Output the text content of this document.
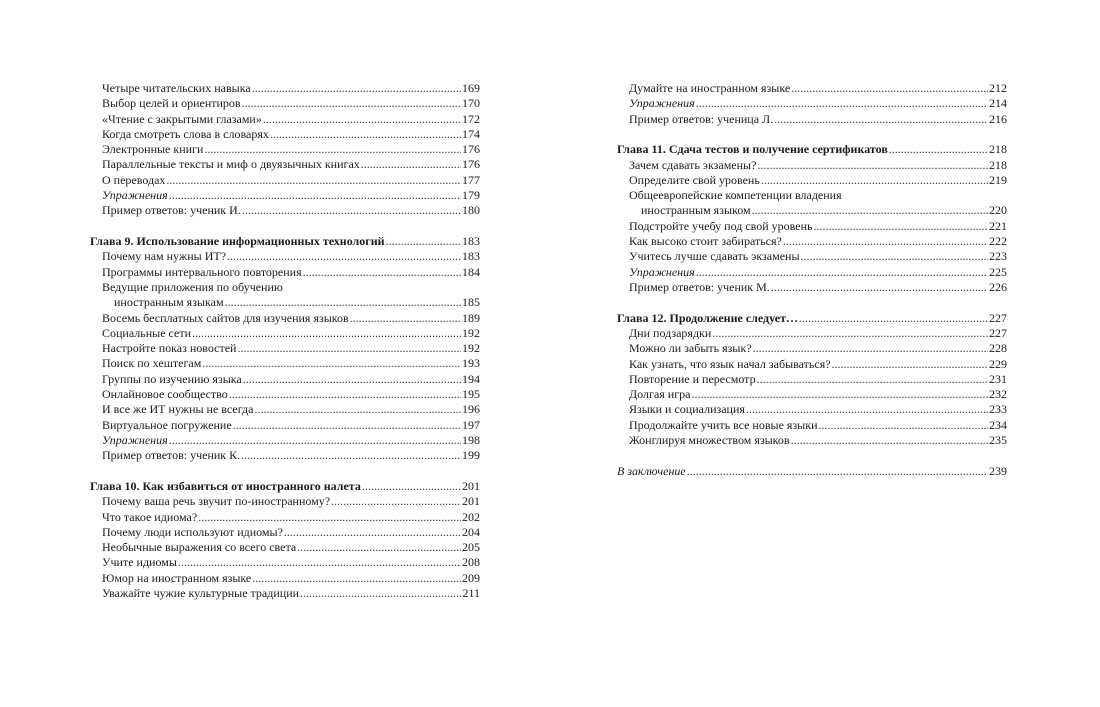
Четыре читательских навыка .....	169
Выбор целей и ориентиров .....	170
«Чтение с закрытыми глазами» .....	172
Когда смотреть слова в словарях .....	174
Электронные книги .....	176
Параллельные тексты и миф о двуязычных книгах .....	176
О переводах .....	177
Упражнения .....	179
Пример ответов: ученик И. .....	180
Глава 9. Использование информационных технологий .....	183
Почему нам нужны ИТ? .....	183
Программы интервального повторения .....	184
Ведущие приложения по обучению
иностранным языкам .....	185
Восемь бесплатных сайтов для изучения языков .....	189
Социальные сети .....	192
Настройте показ новостей .....	192
Поиск по хештегам .....	193
Группы по изучению языка .....	194
Онлайновое сообщество .....	195
И все же ИТ нужны не всегда .....	196
Виртуальное погружение .....	197
Упражнения .....	198
Пример ответов: ученик К. .....	199
Глава 10. Как избавиться от иностранного налета .....	201
Почему ваша речь звучит по-иностранному? .....	201
Что такое идиома? .....	202
Почему люди используют идиомы? .....	204
Необычные выражения со всего света .....	205
Учите идиомы .....	208
Юмор на иностранном языке .....	209
Уважайте чужие культурные традиции .....	211
Думайте на иностранном языке .....	212
Упражнения .....	214
Пример ответов: ученица Л. .....	216
Глава 11. Сдача тестов и получение сертификатов .....	218
Зачем сдавать экзамены? .....	218
Определите свой уровень .....	219
Общеевропейские компетенции владения
иностранным языком .....	220
Подстройте учебу под свой уровень .....	221
Как высоко стоит забираться? .....	222
Учитесь лучше сдавать экзамены .....	223
Упражнения .....	225
Пример ответов: ученик М. .....	226
Глава 12. Продолжение следует… .....	227
Дни подзарядки .....	227
Можно ли забыть язык? .....	228
Как узнать, что язык начал забываться? .....	229
Повторение и пересмотр .....	231
Долгая игра .....	232
Языки и социализация .....	233
Продолжайте учить все новые языки .....	234
Жонглируя множеством языков .....	235
В заключение .....	239
